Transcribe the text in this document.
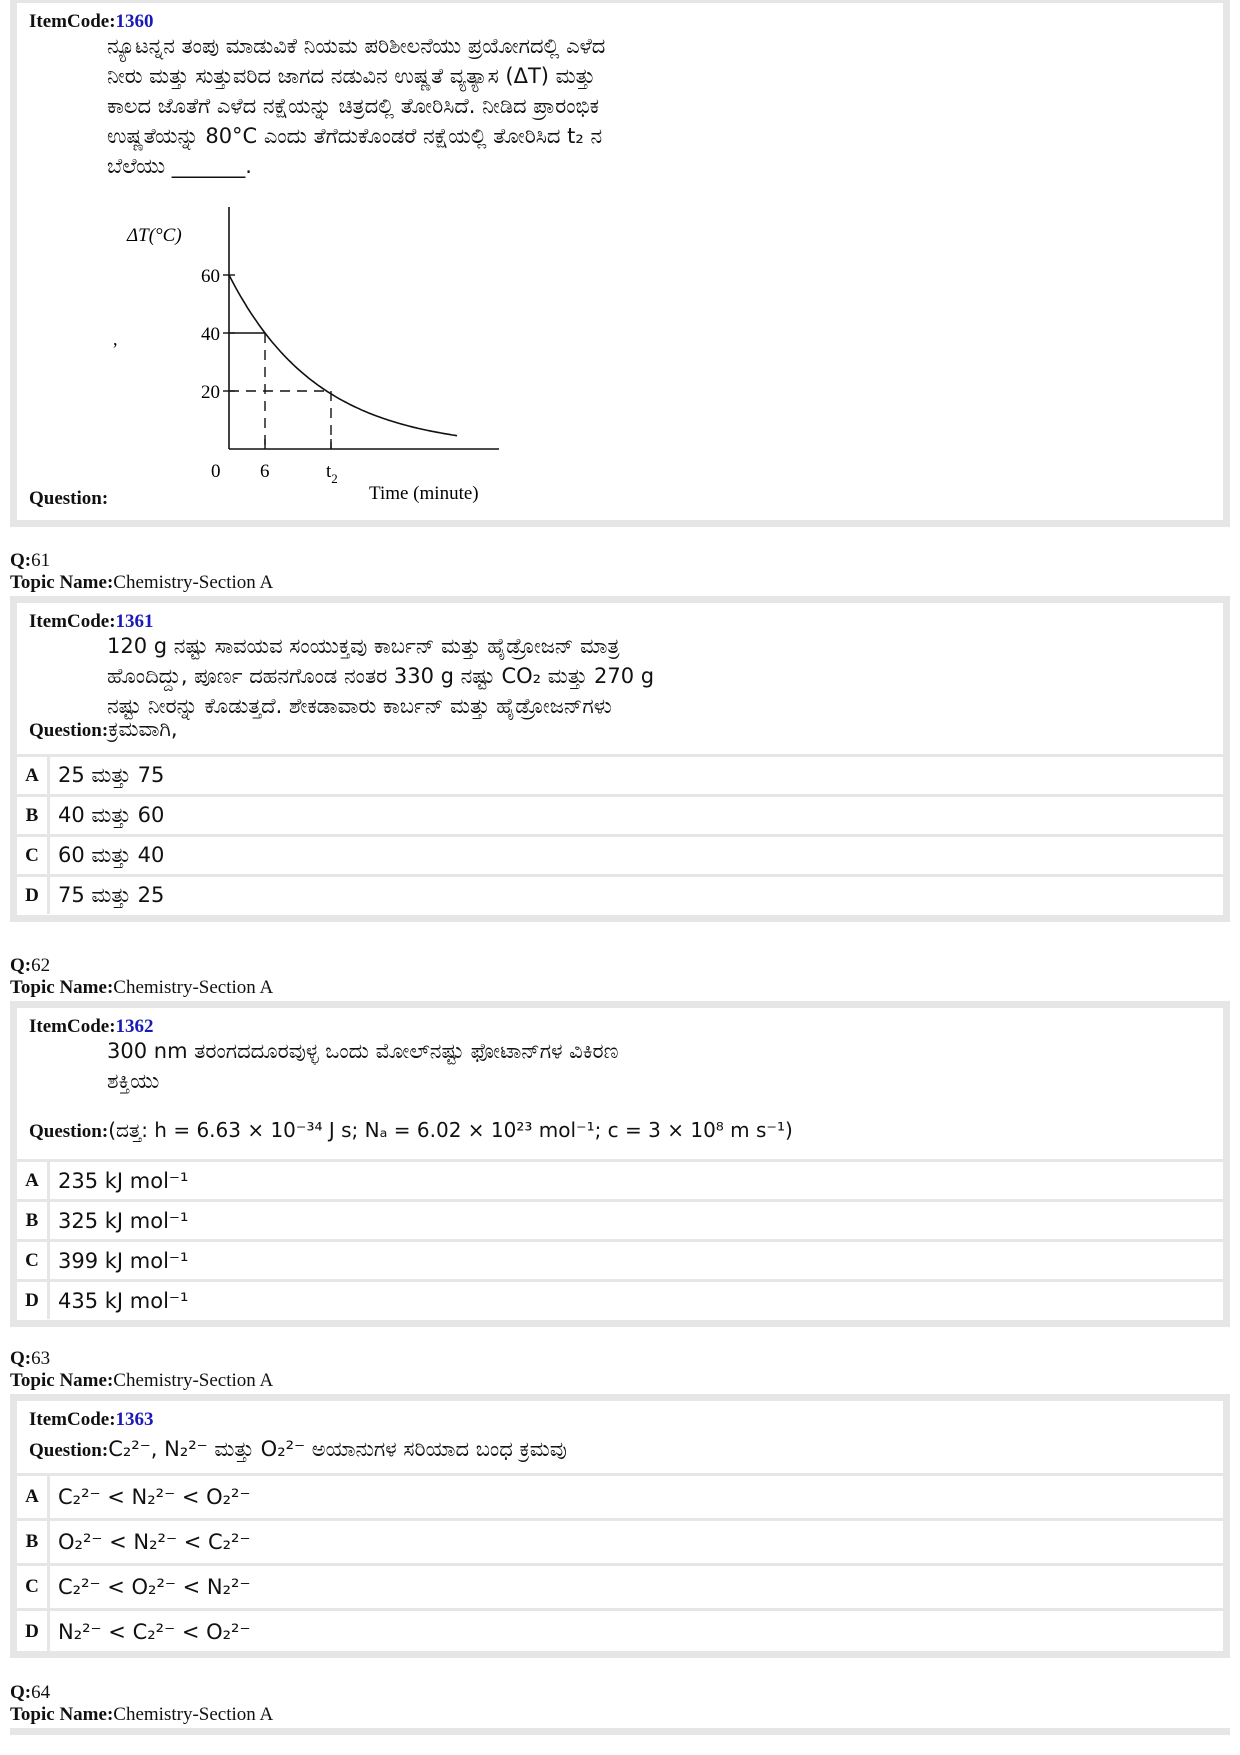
ItemCode:1360
ನ್ಯೂಟನ್ನನ ತಂಪು ಮಾಡುವಿಕೆ ನಿಯಮ ಪರಿಶೀಲನೆಯು ಪ್ರಯೋಗದಲ್ಲಿ ಎಳೆದ
ನೀರು ಮತ್ತು ಸುತ್ತುವರಿದ ಜಾಗದ ನಡುವಿನ ಉಷ್ಣತೆ ವ್ಯತ್ಯಾಸ (ΔT) ಮತ್ತು
ಕಾಲದ ಜೊತೆಗೆ ಎಳೆದ ನಕ್ಷೆಯನ್ನು ಚಿತ್ರದಲ್ಲಿ ತೋರಿಸಿದೆ. ನೀಡಿದ ಪ್ರಾರಂಭಿಕ
ಉಷ್ಣತೆಯನ್ನು 80°C ಎಂದು ತೆಗೆದುಕೊಂಡರೆ ನಕ್ಷೆಯಲ್ಲಿ ತೋರಿಸಿದ t₂ ನ
ಬೆಲೆಯು _______.
ΔT(°C)
,
60
40
20
0 6	$t_2$
Time (minute)
Question:
Q:61
Topic Name:Chemistry-Section A
ItemCode:1361
120 g ನಷ್ಟು ಸಾವಯವ ಸಂಯುಕ್ತವು ಕಾರ್ಬನ್ ಮತ್ತು ಹೈಡ್ರೋಜನ್ ಮಾತ್ರ
ಹೊಂದಿದ್ದು, ಪೂರ್ಣ ದಹನಗೊಂಡ ನಂತರ 330 g ನಷ್ಟು CO₂ ಮತ್ತು 270 g
ನಷ್ಟು ನೀರನ್ನು ಕೊಡುತ್ತದೆ. ಶೇಕಡಾವಾರು ಕಾರ್ಬನ್ ಮತ್ತು ಹೈಡ್ರೋಜನ್‌ಗಳು
Question: ಕ್ರಮವಾಗಿ,
A 25 ಮತ್ತು 75
B 40 ಮತ್ತು 60
C 60 ಮತ್ತು 40
D 75 ಮತ್ತು 25
Q:62
Topic Name:Chemistry-Section A
ItemCode:1362
300 nm ತರಂಗದದೂರವುಳ್ಳ ಒಂದು ಮೋಲ್‌ನಷ್ಟು ಫೋಟಾನ್‌ಗಳ ವಿಕಿರಣ
ಶಕ್ತಿಯು
Question: (ದತ್ತ: h = 6.63 × 10⁻³⁴ J s; Nₐ = 6.02 × 10²³ mol⁻¹; c = 3 × 10⁸ m s⁻¹)
A 235 kJ mol⁻¹
B 325 kJ mol⁻¹
C 399 kJ mol⁻¹
D 435 kJ mol⁻¹
Q:63
Topic Name:Chemistry-Section A
ItemCode:1363
Question: C₂²⁻, N₂²⁻ ಮತ್ತು O₂²⁻ ಅಯಾನುಗಳ ಸರಿಯಾದ ಬಂಧ ಕ್ರಮವು
A C₂²⁻ < N₂²⁻ < O₂²⁻
B O₂²⁻ < N₂²⁻ < C₂²⁻
C C₂²⁻ < O₂²⁻ < N₂²⁻
D N₂²⁻ < C₂²⁻ < O₂²⁻
Q:64
Topic Name:Chemistry-Section A
